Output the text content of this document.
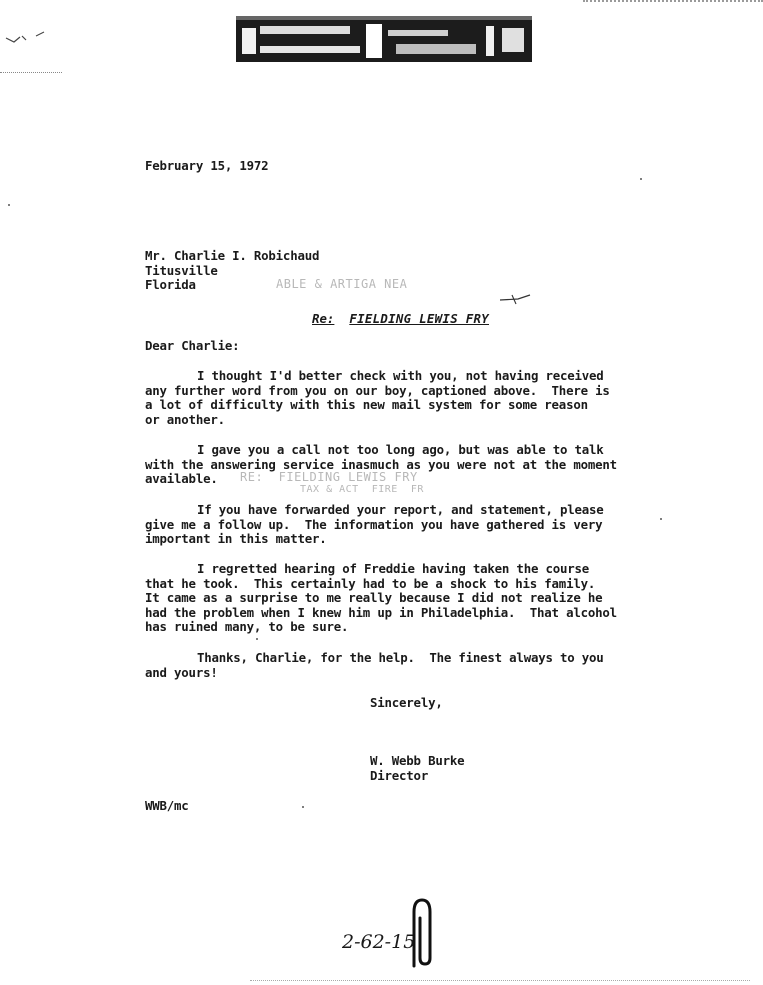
February 15, 1972
Mr. Charlie I. Robichaud
Titusville
Florida	ABLE & ARTIGA NEA
Re: FIELDING LEWIS FRY
Dear Charlie:
I thought I'd better check with you, not having received
any further word from you on our boy, captioned above.  There is
a lot of difficulty with this new mail system for some reason
or another.
I gave you a call not too long ago, but was able to talk
with the answering service inasmuch as you were not at the moment
available.	RE:  FIELDING LEWIS FRY
TAX & ACT  FIRE  FR
If you have forwarded your report, and statement, please
give me a follow up.  The information you have gathered is very
important in this matter.
I regretted hearing of Freddie having taken the course
that he took.  This certainly had to be a shock to his family.
It came as a surprise to me really because I did not realize he
had the problem when I knew him up in Philadelphia.  That alcohol
has ruined many, to be sure.
Thanks, Charlie, for the help.  The finest always to you
and yours!
Sincerely,
W. Webb Burke
Director
WWB/mc
2-62-15
